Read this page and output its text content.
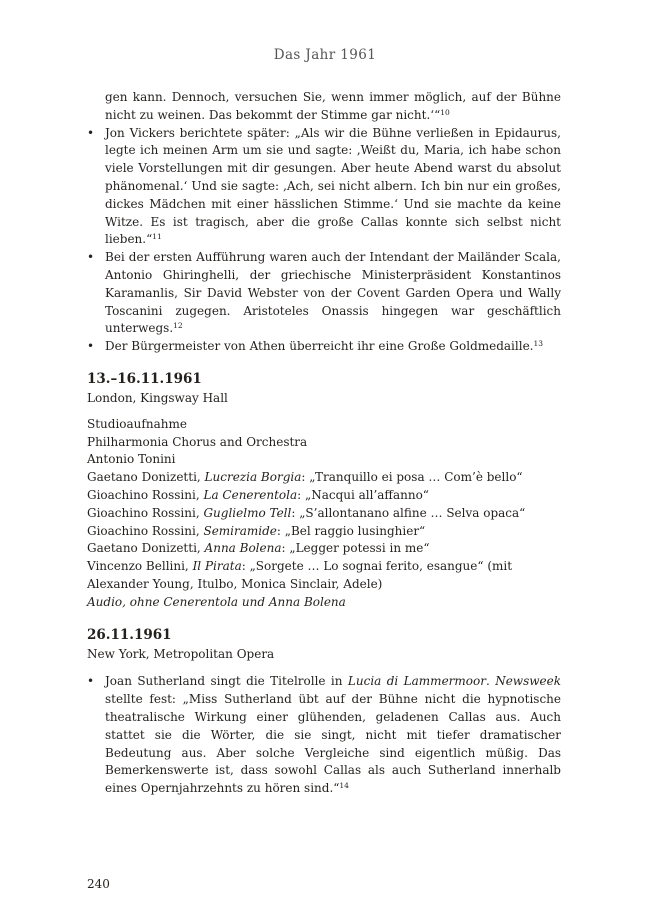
Das Jahr 1961
gen kann. Dennoch, versuchen Sie, wenn immer möglich, auf der Bühne nicht zu weinen. Das bekommt der Stimme gar nicht.‘“$^{10}$
• Jon Vickers berichtete später: „Als wir die Bühne verließen in Epidaurus, legte ich meinen Arm um sie und sagte: ‚Weißt du, Maria, ich habe schon viele Vorstellungen mit dir gesungen. Aber heute Abend warst du absolut phänomenal.‘ Und sie sagte: ‚Ach, sei nicht albern. Ich bin nur ein großes, dickes Mädchen mit einer hässlichen Stimme.‘ Und sie machte da keine Witze. Es ist tragisch, aber die große Callas konnte sich selbst nicht lieben.“$^{11}$
• Bei der ersten Aufführung waren auch der Intendant der Mailänder Scala, Antonio Ghiringhelli, der griechische Ministerpräsident Konstantinos Karamanlis, Sir David Webster von der Covent Garden Opera und Wally Toscanini zugegen. Aristoteles Onassis hingegen war geschäftlich unterwegs.$^{12}$
• Der Bürgermeister von Athen überreicht ihr eine Große Goldmedaille.$^{13}$
13.–16.11.1961
London, Kingsway Hall
Studioaufnahme
Philharmonia Chorus and Orchestra
Antonio Tonini
Gaetano Donizetti, Lucrezia Borgia: „Tranquillo ei posa … Com’è bello“
Gioachino Rossini, La Cenerentola: „Nacqui all’affanno“
Gioachino Rossini, Guglielmo Tell: „S’allontanano alfine … Selva opaca“
Gioachino Rossini, Semiramide: „Bel raggio lusinghier“
Gaetano Donizetti, Anna Bolena: „Legger potessi in me“
Vincenzo Bellini, Il Pirata: „Sorgete … Lo sognai ferito, esangue“ (mit Alexander Young, Itulbo, Monica Sinclair, Adele)
Audio, ohne Cenerentola und Anna Bolena
26.11.1961
New York, Metropolitan Opera
• Joan Sutherland singt die Titelrolle in Lucia di Lammermoor. Newsweek stellte fest: „Miss Sutherland übt auf der Bühne nicht die hypnotische theatralische Wirkung einer glühenden, geladenen Callas aus. Auch stattet sie die Wörter, die sie singt, nicht mit tiefer dramatischer Bedeutung aus. Aber solche Vergleiche sind eigentlich müßig. Das Bemerkenswerte ist, dass sowohl Callas als auch Sutherland innerhalb eines Opernjahrzehnts zu hören sind.“$^{14}$
240
